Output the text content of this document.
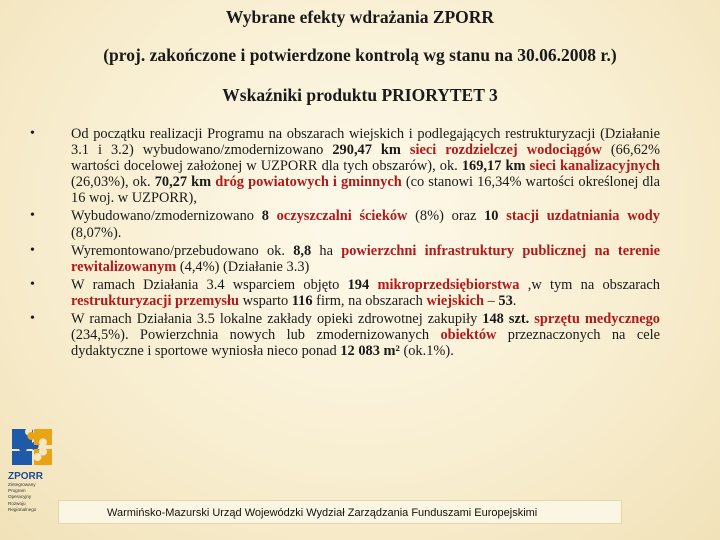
Wybrane efekty wdrażania ZPORR
(proj. zakończone i potwierdzone kontrolą wg stanu na 30.06.2008 r.)
Wskaźniki produktu PRIORYTET 3
•	Od początku realizacji Programu na obszarach wiejskich i podlegających restrukturyzacji (Działanie 3.1 i 3.2) wybudowano/zmodernizowano 290,47 km sieci rozdzielczej wodociągów (66,62% wartości docelowej założonej w UZPORR dla tych obszarów), ok. 169,17 km sieci kanalizacyjnych (26,03%), ok. 70,27 km dróg powiatowych i gminnych (co stanowi 16,34% wartości określonej dla 16 woj. w UZPORR),
•	Wybudowano/zmodernizowano 8 oczyszczalni ścieków (8%) oraz 10 stacji uzdatniania wody (8,07%).
•	Wyremontowano/przebudowano ok. 8,8 ha powierzchni infrastruktury publicznej na terenie rewitalizowanym (4,4%) (Działanie 3.3)
•	W ramach Działania 3.4 wsparciem objęto 194 mikroprzedsiębiorstwa ,w tym na obszarach restrukturyzacji przemysłu wsparto 116 firm, na obszarach wiejskich – 53.
•	W ramach Działania 3.5 lokalne zakłady opieki zdrowotnej zakupiły 148 szt. sprzętu medycznego (234,5%). Powierzchnia nowych lub zmodernizowanych obiektów przeznaczonych na cele dydaktyczne i sportowe wyniosła nieco ponad 12 083 m² (ok.1%).
ZPORR
Zintegrowany
Program
Operacyjny
Rozwoju
Regionalnego	Warmińsko-Mazurski Urząd Wojewódzki Wydział Zarządzania Funduszami Europejskimi
